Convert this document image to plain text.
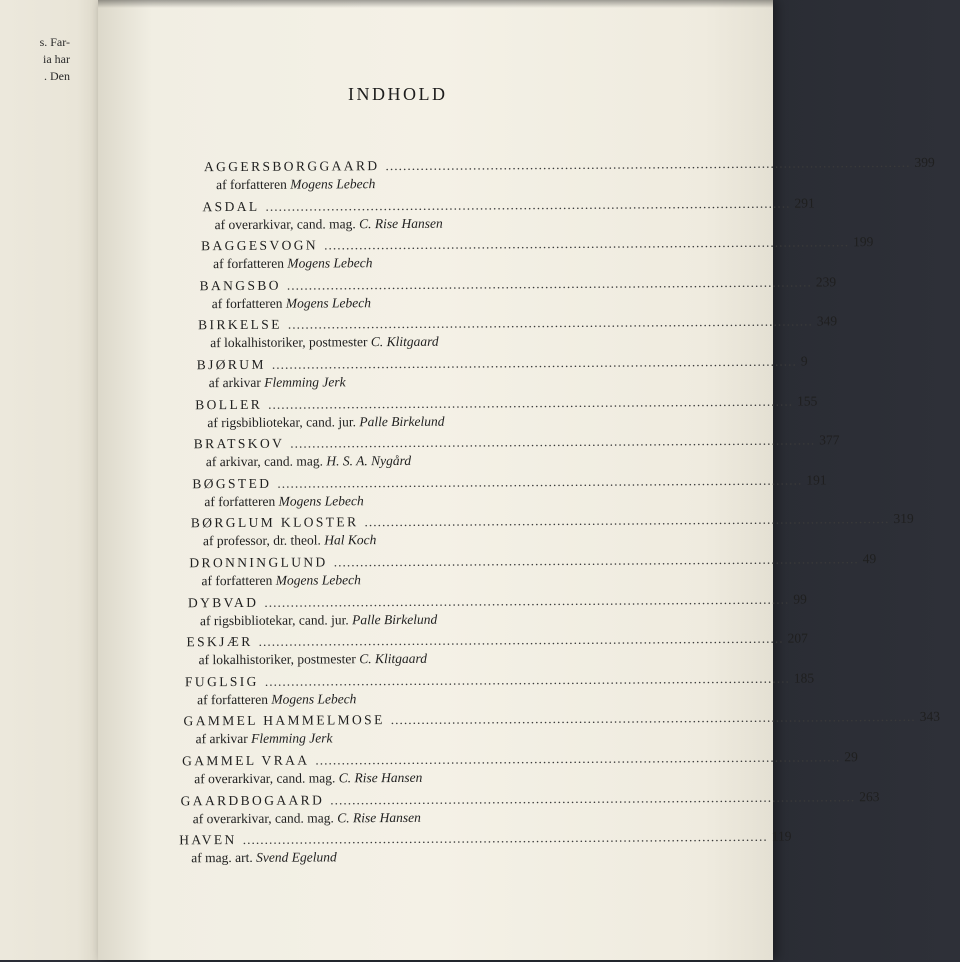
s. Far-
ia har
. Den
INDHOLD
AGGERSBORGGAARD ........................................................................................................................ 399
af forfatteren Mogens Lebech
ASDAL ........................................................................................................................ 291
af overarkivar, cand. mag. C. Rise Hansen
BAGGESVOGN ........................................................................................................................ 199
af forfatteren Mogens Lebech
BANGSBO ........................................................................................................................ 239
af forfatteren Mogens Lebech
BIRKELSE ........................................................................................................................ 349
af lokalhistoriker, postmester C. Klitgaard
BJØRUM ........................................................................................................................ 9
af arkivar Flemming Jerk
BOLLER ........................................................................................................................ 155
af rigsbibliotekar, cand. jur. Palle Birkelund
BRATSKOV ........................................................................................................................ 377
af arkivar, cand. mag. H. S. A. Nygård
BØGSTED ........................................................................................................................ 191
af forfatteren Mogens Lebech
BØRGLUM KLOSTER ........................................................................................................................ 319
af professor, dr. theol. Hal Koch
DRONNINGLUND ........................................................................................................................ 49
af forfatteren Mogens Lebech
DYBVAD ........................................................................................................................ 99
af rigsbibliotekar, cand. jur. Palle Birkelund
ESKJÆR ........................................................................................................................ 207
af lokalhistoriker, postmester C. Klitgaard
FUGLSIG ........................................................................................................................ 185
af forfatteren Mogens Lebech
GAMMEL HAMMELMOSE ........................................................................................................................ 343
af arkivar Flemming Jerk
GAMMEL VRAA ........................................................................................................................ 29
af overarkivar, cand. mag. C. Rise Hansen
GAARDBOGAARD ........................................................................................................................ 263
af overarkivar, cand. mag. C. Rise Hansen
HAVEN ........................................................................................................................ 119
af mag. art. Svend Egelund
